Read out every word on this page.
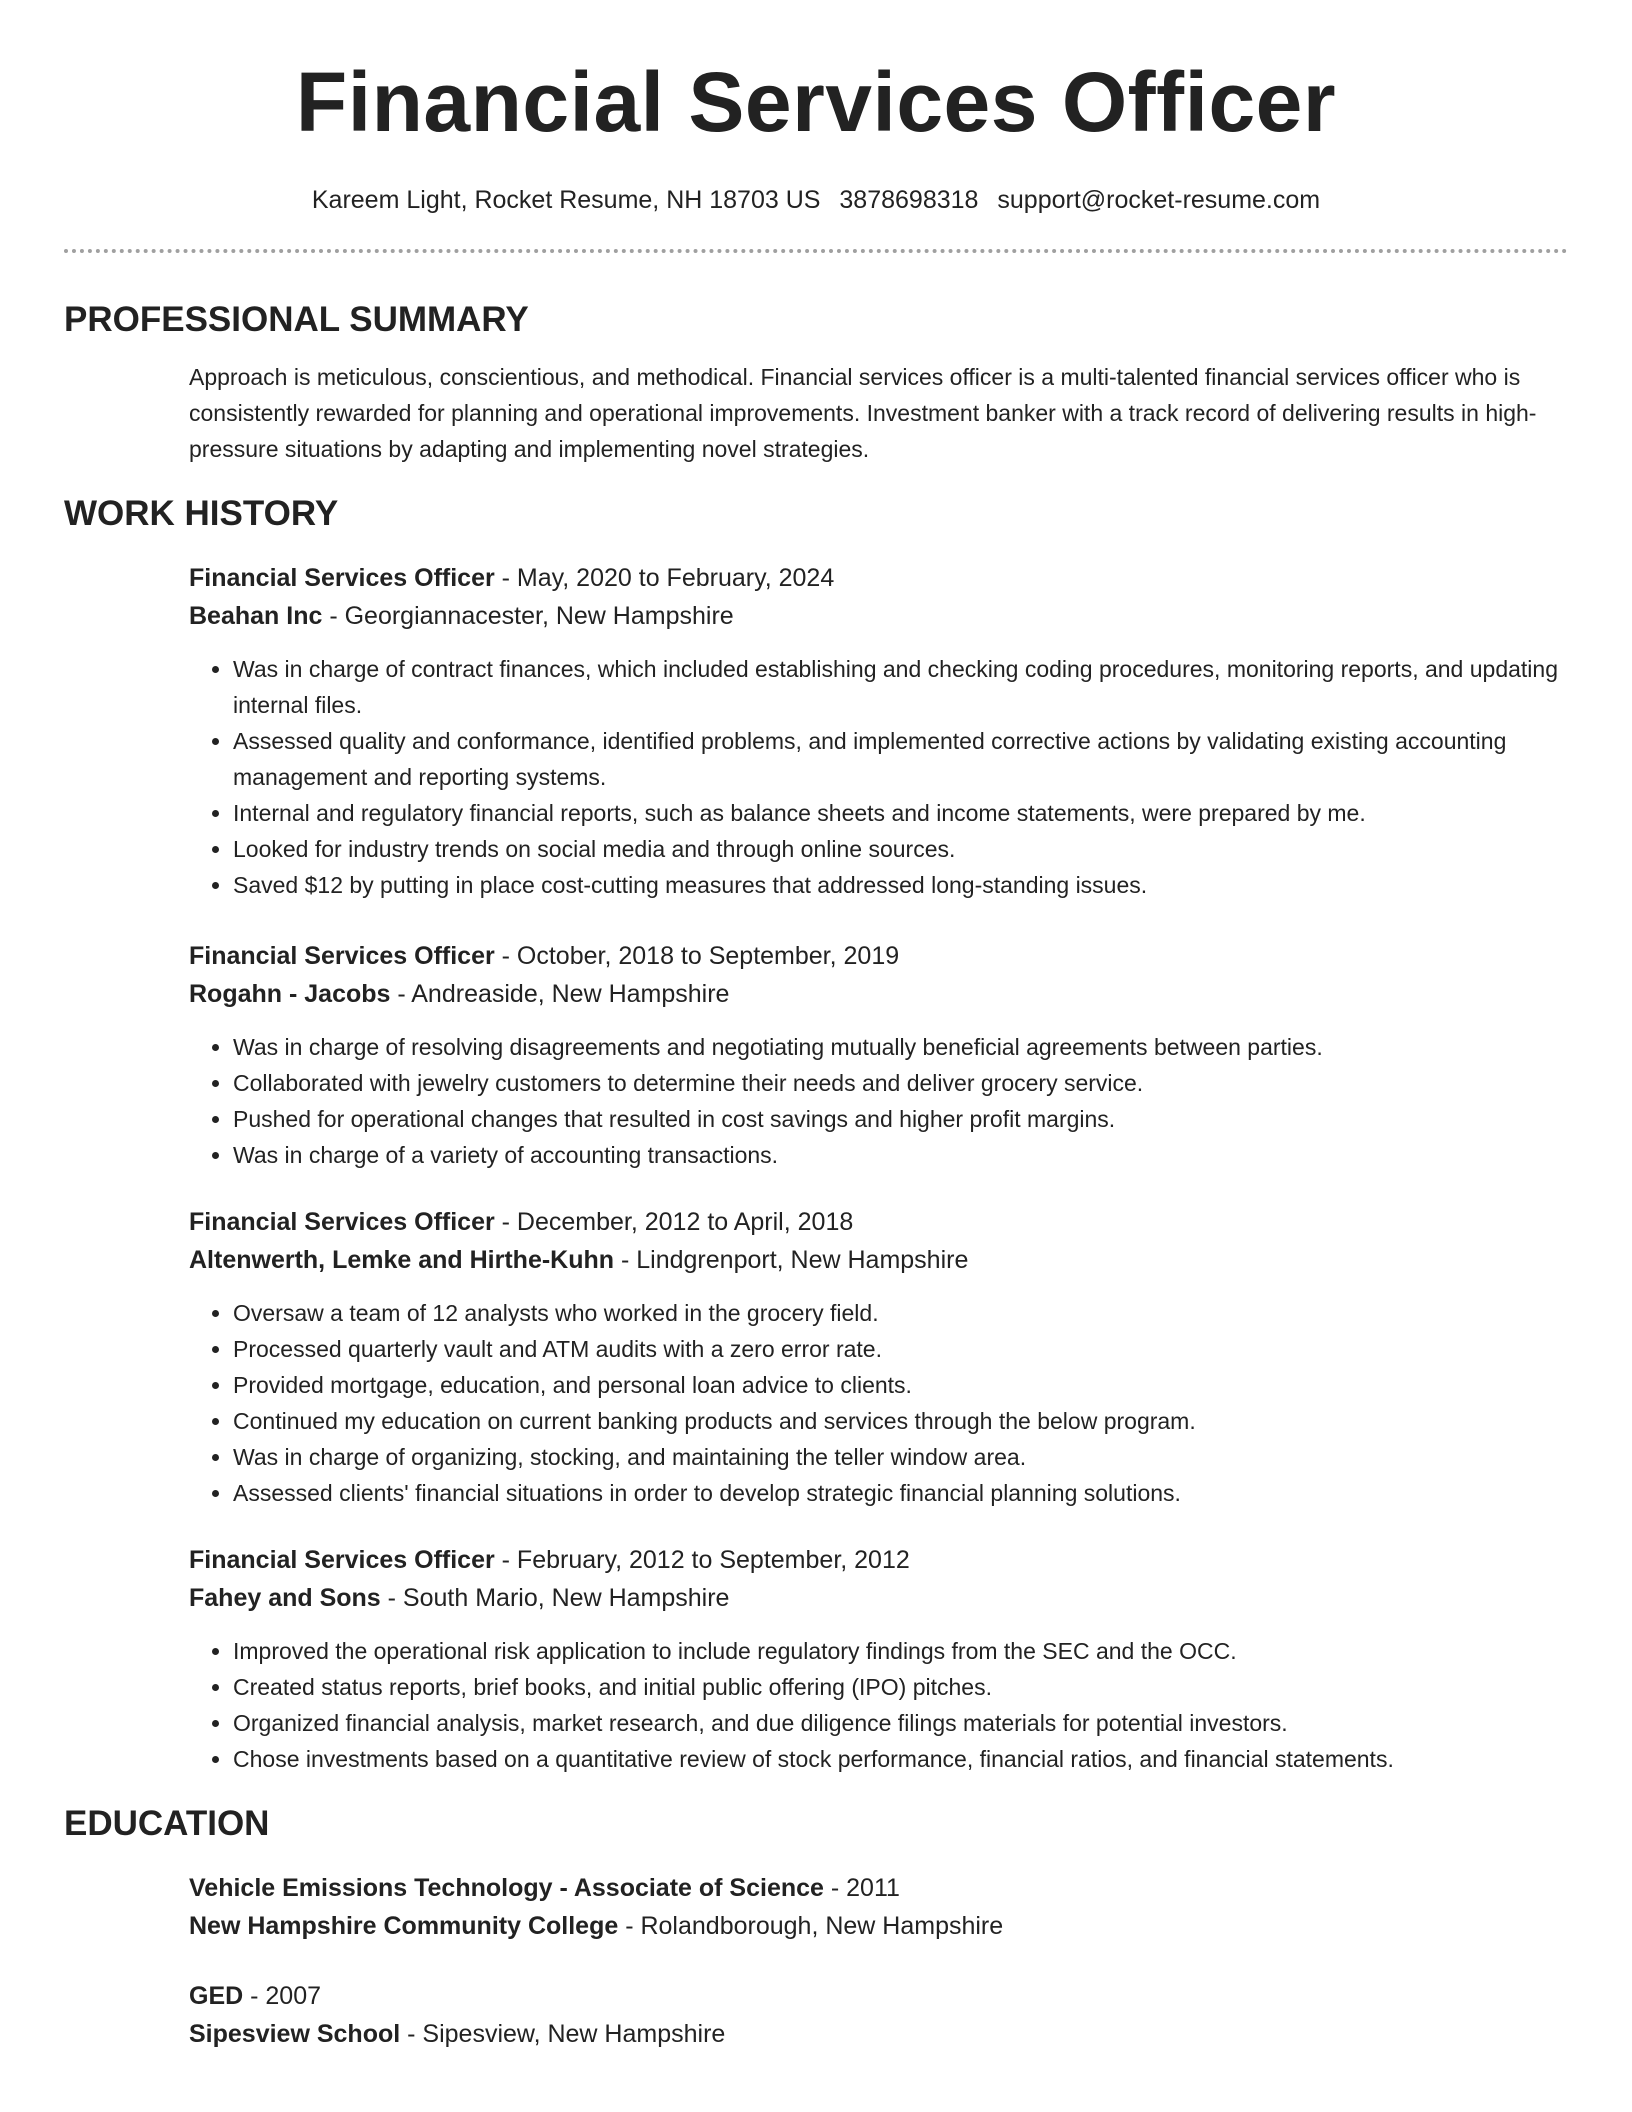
Financial Services Officer
Kareem Light, Rocket Resume, NH 18703 US 3878698318 support@rocket-resume.com
PROFESSIONAL SUMMARY

Approach is meticulous, conscientious, and methodical. Financial services officer is a multi-talented financial services officer who is consistently rewarded for planning and operational improvements. Investment banker with a track record of delivering results in high-pressure situations by adapting and implementing novel strategies.

WORK HISTORY
Financial Services Officer - May, 2020 to February, 2024
Beahan Inc - Georgiannacester, New Hampshire
• Was in charge of contract finances, which included establishing and checking coding procedures, monitoring reports, and updating internal files.
• Assessed quality and conformance, identified problems, and implemented corrective actions by validating existing accounting management and reporting systems.
• Internal and regulatory financial reports, such as balance sheets and income statements, were prepared by me.
• Looked for industry trends on social media and through online sources.
• Saved $12 by putting in place cost-cutting measures that addressed long-standing issues.
Financial Services Officer - October, 2018 to September, 2019
Rogahn - Jacobs - Andreaside, New Hampshire
• Was in charge of resolving disagreements and negotiating mutually beneficial agreements between parties.
• Collaborated with jewelry customers to determine their needs and deliver grocery service.
• Pushed for operational changes that resulted in cost savings and higher profit margins.
• Was in charge of a variety of accounting transactions.
Financial Services Officer - December, 2012 to April, 2018
Altenwerth, Lemke and Hirthe-Kuhn - Lindgrenport, New Hampshire
• Oversaw a team of 12 analysts who worked in the grocery field.
• Processed quarterly vault and ATM audits with a zero error rate.
• Provided mortgage, education, and personal loan advice to clients.
• Continued my education on current banking products and services through the below program.
• Was in charge of organizing, stocking, and maintaining the teller window area.
• Assessed clients' financial situations in order to develop strategic financial planning solutions.
Financial Services Officer - February, 2012 to September, 2012
Fahey and Sons - South Mario, New Hampshire
• Improved the operational risk application to include regulatory findings from the SEC and the OCC.
• Created status reports, brief books, and initial public offering (IPO) pitches.
• Organized financial analysis, market research, and due diligence filings materials for potential investors.
• Chose investments based on a quantitative review of stock performance, financial ratios, and financial statements.
EDUCATION
Vehicle Emissions Technology - Associate of Science - 2011
New Hampshire Community College - Rolandborough, New Hampshire
GED - 2007
Sipesview School - Sipesview, New Hampshire
